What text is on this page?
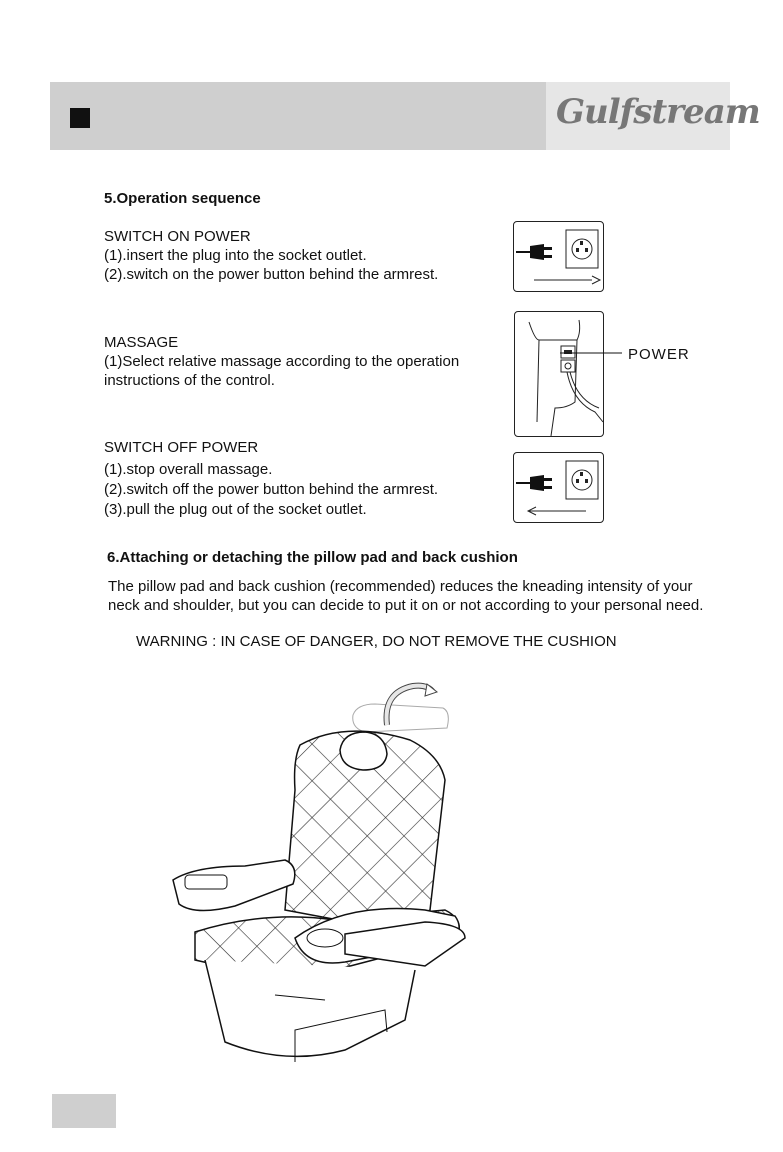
Gulfstream
5.Operation sequence
SWITCH ON POWER
(1).insert the plug into the socket outlet.
(2).switch on the power button behind the armrest.
MASSAGE
(1)Select relative massage according to the operation
instructions of the control.
SWITCH OFF POWER
(1).stop overall massage.
(2).switch off the power button behind the armrest.
(3).pull the plug out of the socket outlet.
POWER
6.Attaching or detaching the pillow pad and back cushion
The pillow pad and back cushion (recommended) reduces the kneading intensity of your neck and shoulder, but you can decide to put it on or not according to your personal need.
WARNING : IN CASE OF DANGER, DO NOT REMOVE THE CUSHION
